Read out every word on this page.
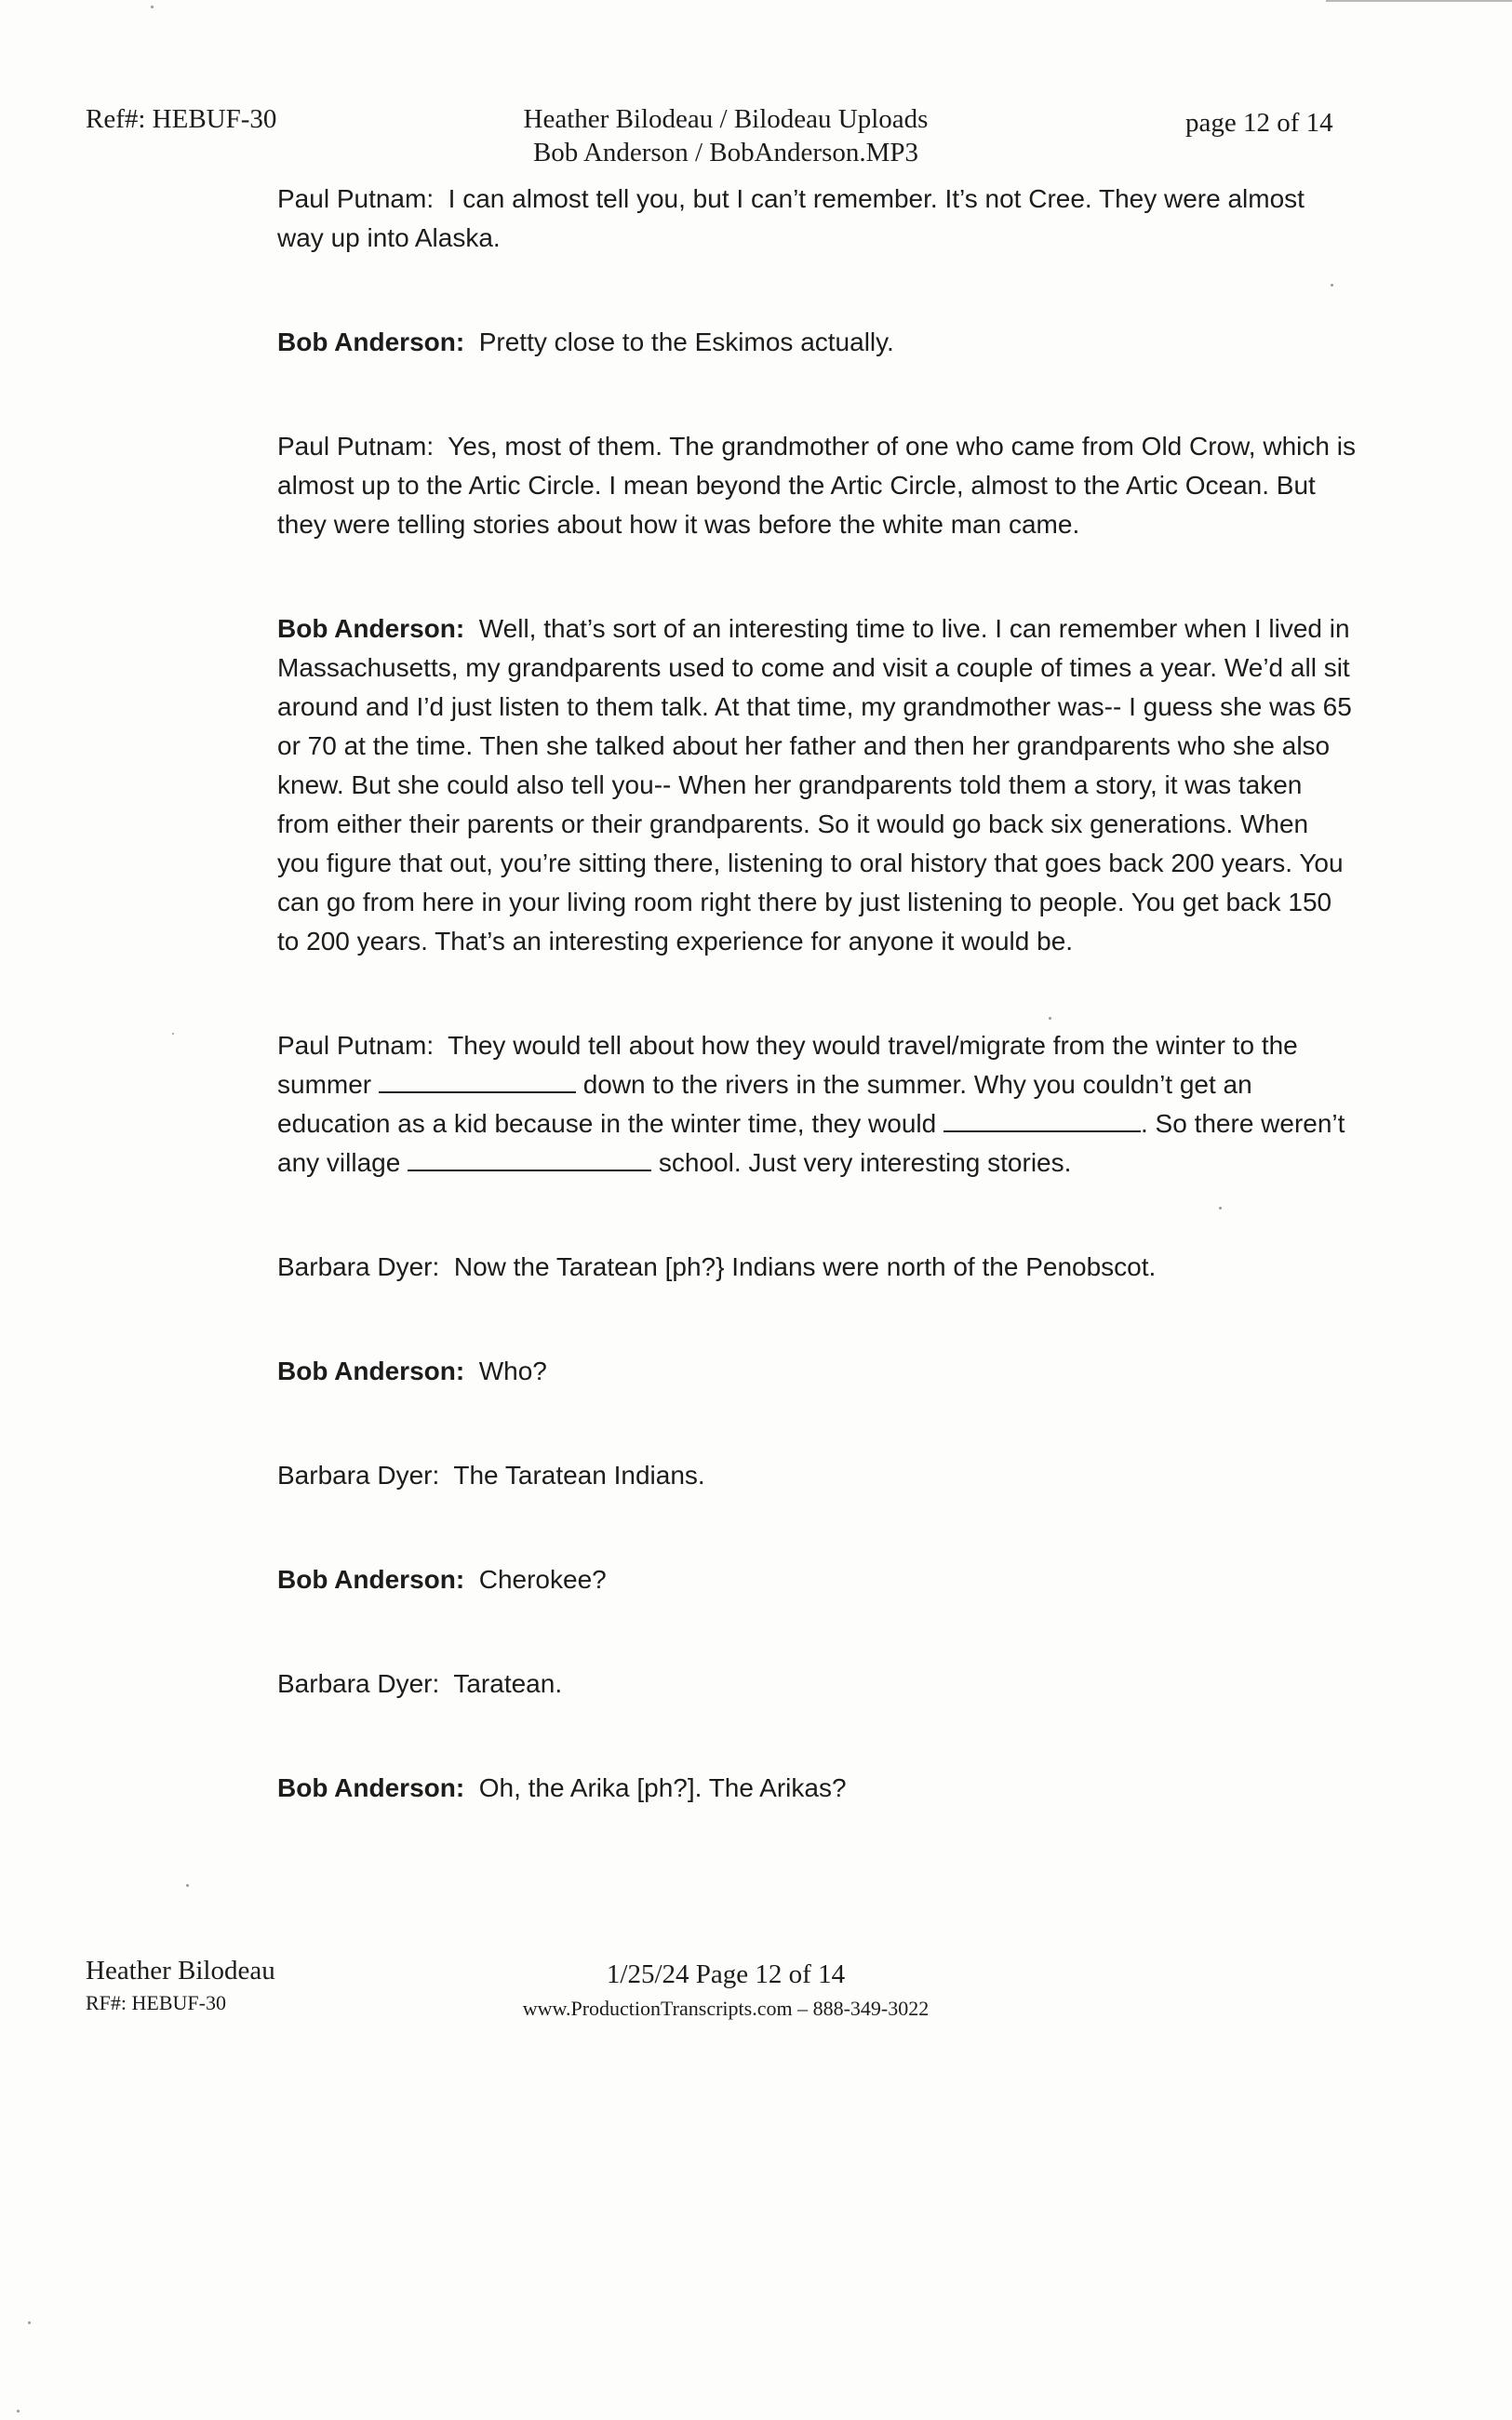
Ref#: HEBUF-30	Heather Bilodeau / Bilodeau Uploads
Bob Anderson / BobAnderson.MP3
page 12 of 14

Paul Putnam: I can almost tell you, but I can’t remember. It’s not Cree. They were almost way up into Alaska.

Bob Anderson: Pretty close to the Eskimos actually.

Paul Putnam: Yes, most of them. The grandmother of one who came from Old Crow, which is almost up to the Artic Circle. I mean beyond the Artic Circle, almost to the Artic Ocean. But they were telling stories about how it was before the white man came.

Bob Anderson: Well, that’s sort of an interesting time to live. I can remember when I lived in Massachusetts, my grandparents used to come and visit a couple of times a year. We’d all sit around and I’d just listen to them talk. At that time, my grandmother was-- I guess she was 65 or 70 at the time. Then she talked about her father and then her grandparents who she also knew. But she could also tell you-- When her grandparents told them a story, it was taken from either their parents or their grandparents. So it would go back six generations. When you figure that out, you’re sitting there, listening to oral history that goes back 200 years. You can go from here in your living room right there by just listening to people. You get back 150 to 200 years. That’s an interesting experience for anyone it would be.

Paul Putnam: They would tell about how they would travel/migrate from the winter to the summer	down to the rivers in the summer. Why you couldn’t get an education as a kid because in the winter time, they would	. So there weren’t any village	school. Just very interesting stories.

Barbara Dyer: Now the Taratean [ph?} Indians were north of the Penobscot.

Bob Anderson: Who?

Barbara Dyer: The Taratean Indians.

Bob Anderson: Cherokee?

Barbara Dyer: Taratean.

Bob Anderson: Oh, the Arika [ph?]. The Arikas?

Heather Bilodeau
RF#: HEBUF-30
1/25/24 Page 12 of 14
www.ProductionTranscripts.com – 888-349-3022
